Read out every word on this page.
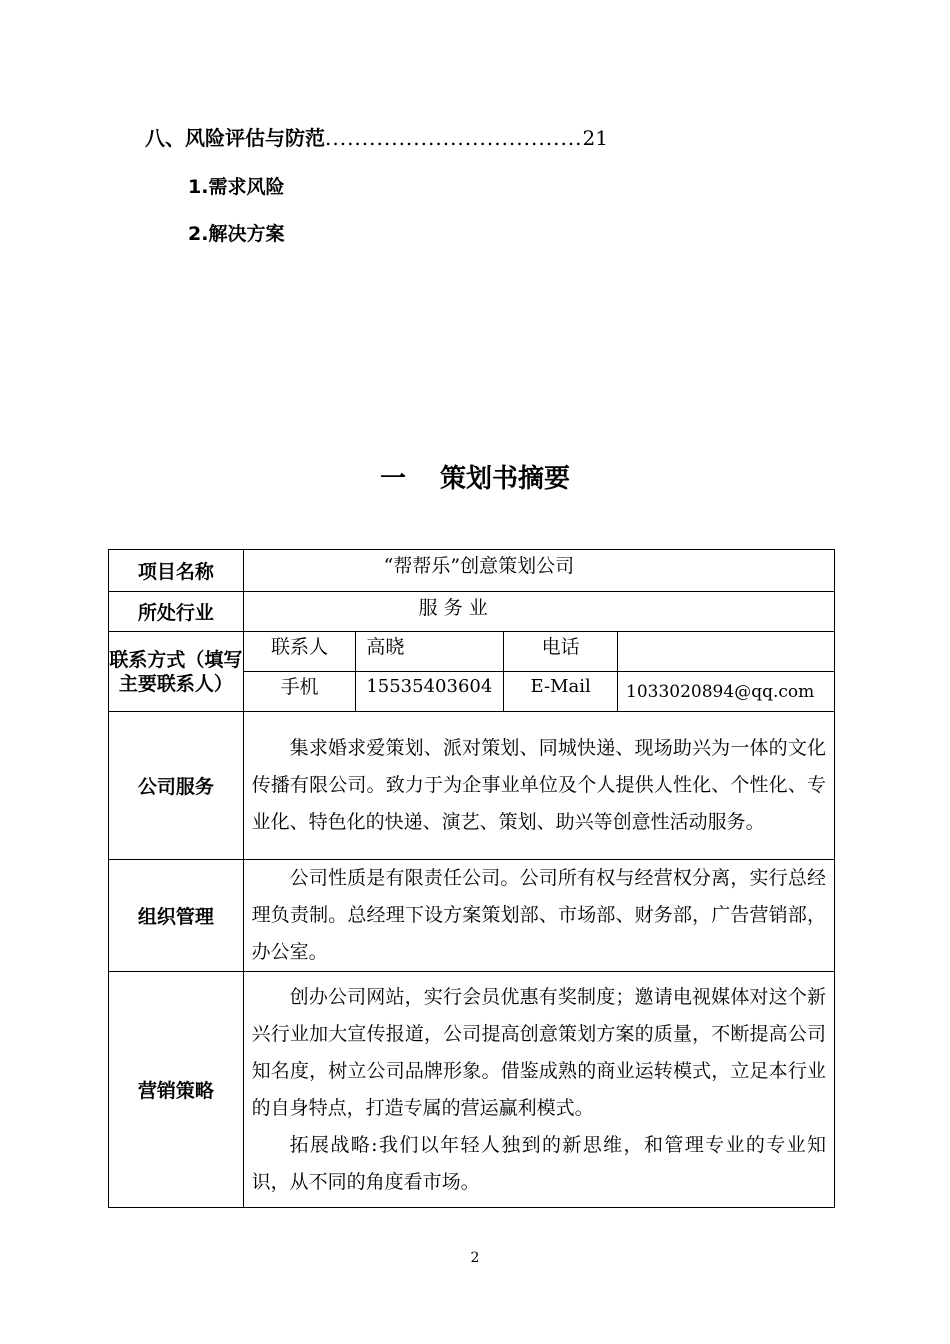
八、风险评估与防范...................................21
1.需求风险
2.解决方案
一 策划书摘要
项目名称	“帮帮乐”创意策划公司			
所处行业	服 务 业			
联系方式（填写主要联系人）	联系人	高晓	电话	
	手机	15535403604	E-Mail	1033020894@qq.com
公司服务	集求婚求爱策划、派对策划、同城快递、现场助兴为一体的文化传播有限公司。致力于为企事业单位及个人提供人性化、个性化、专业化、特色化的快递、演艺、策划、助兴等创意性活动服务。			

组织管理	公司性质是有限责任公司。公司所有权与经营权分离，实行总经理负责制。总经理下设方案策划部、市场部、财务部，广告营销部，办公室。			

营销策略	创办公司网站，实行会员优惠有奖制度；邀请电视媒体对这个新兴行业加大宣传报道，公司提高创意策划方案的质量，不断提高公司知名度，树立公司品牌形象。借鉴成熟的商业运转模式，立足本行业的自身特点，打造专属的营运赢利模式。
拓展战略:我们以年轻人独到的新思维，和管理专业的专业知识，从不同的角度看市场。			
2
